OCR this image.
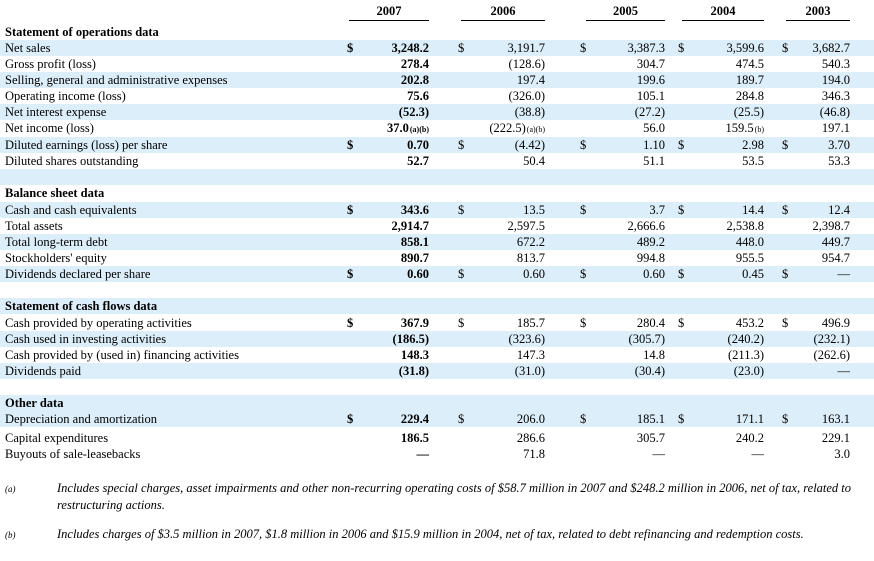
2007	2006	2005	2004	2003
Statement of operations data
Net sales	$	3,248.2 $	3,191.7	$	3,387.3 $	3,599.6 $ 3,682.7
Gross profit (loss)	278.4	(128.6)	304.7	474.5	540.3
Selling, general and administrative expenses	202.8	197.4	199.6	189.7	194.0
Operating income (loss)	75.6	(326.0)	105.1	284.8	346.3
Net interest expense	(52.3)	(38.8)	(27.2)	(25.5)	(46.8)
Net income (loss)	37.0(a)(b)	(222.5)(a)(b)	56.0	159.5(b)	197.1
Diluted earnings (loss) per share	$	0.70 $	(4.42)	$	1.10 $	2.98 $	3.70
Diluted shares outstanding	52.7	50.4	51.1	53.5	53.3
Balance sheet data
Cash and cash equivalents	$	343.6 $	13.5	$	3.7 $	14.4 $	12.4
Total assets	2,914.7	2,597.5	2,666.6	2,538.8	2,398.7
Total long-term debt	858.1	672.2	489.2	448.0	449.7
Stockholders' equity	890.7	813.7	994.8	955.5	954.7
Dividends declared per share	$	0.60 $	0.60	$	0.60 $	0.45 $	—
Statement of cash flows data
Cash provided by operating activities	$	367.9 $	185.7	$	280.4 $	453.2 $	496.9
Cash used in investing activities	(186.5)	(323.6)	(305.7)	(240.2)	(232.1)
Cash provided by (used in) financing activities	148.3	147.3	14.8	(211.3)	(262.6)
Dividends paid	(31.8)	(31.0)	(30.4)	(23.0)	—
Other data
Depreciation and amortization	$	229.4 $	206.0	$	185.1 $	171.1 $	163.1
Capital expenditures	186.5	286.6	305.7	240.2	229.1
Buyouts of sale-leasebacks	—	71.8	—	—	3.0
(a)	Includes special charges, asset impairments and other non-recurring operating costs of $58.7 million in 2007 and $248.2 million in 2006, net of tax, related to restructuring actions.
(b)	Includes charges of $3.5 million in 2007, $1.8 million in 2006 and $15.9 million in 2004, net of tax, related to debt refinancing and redemption costs.
